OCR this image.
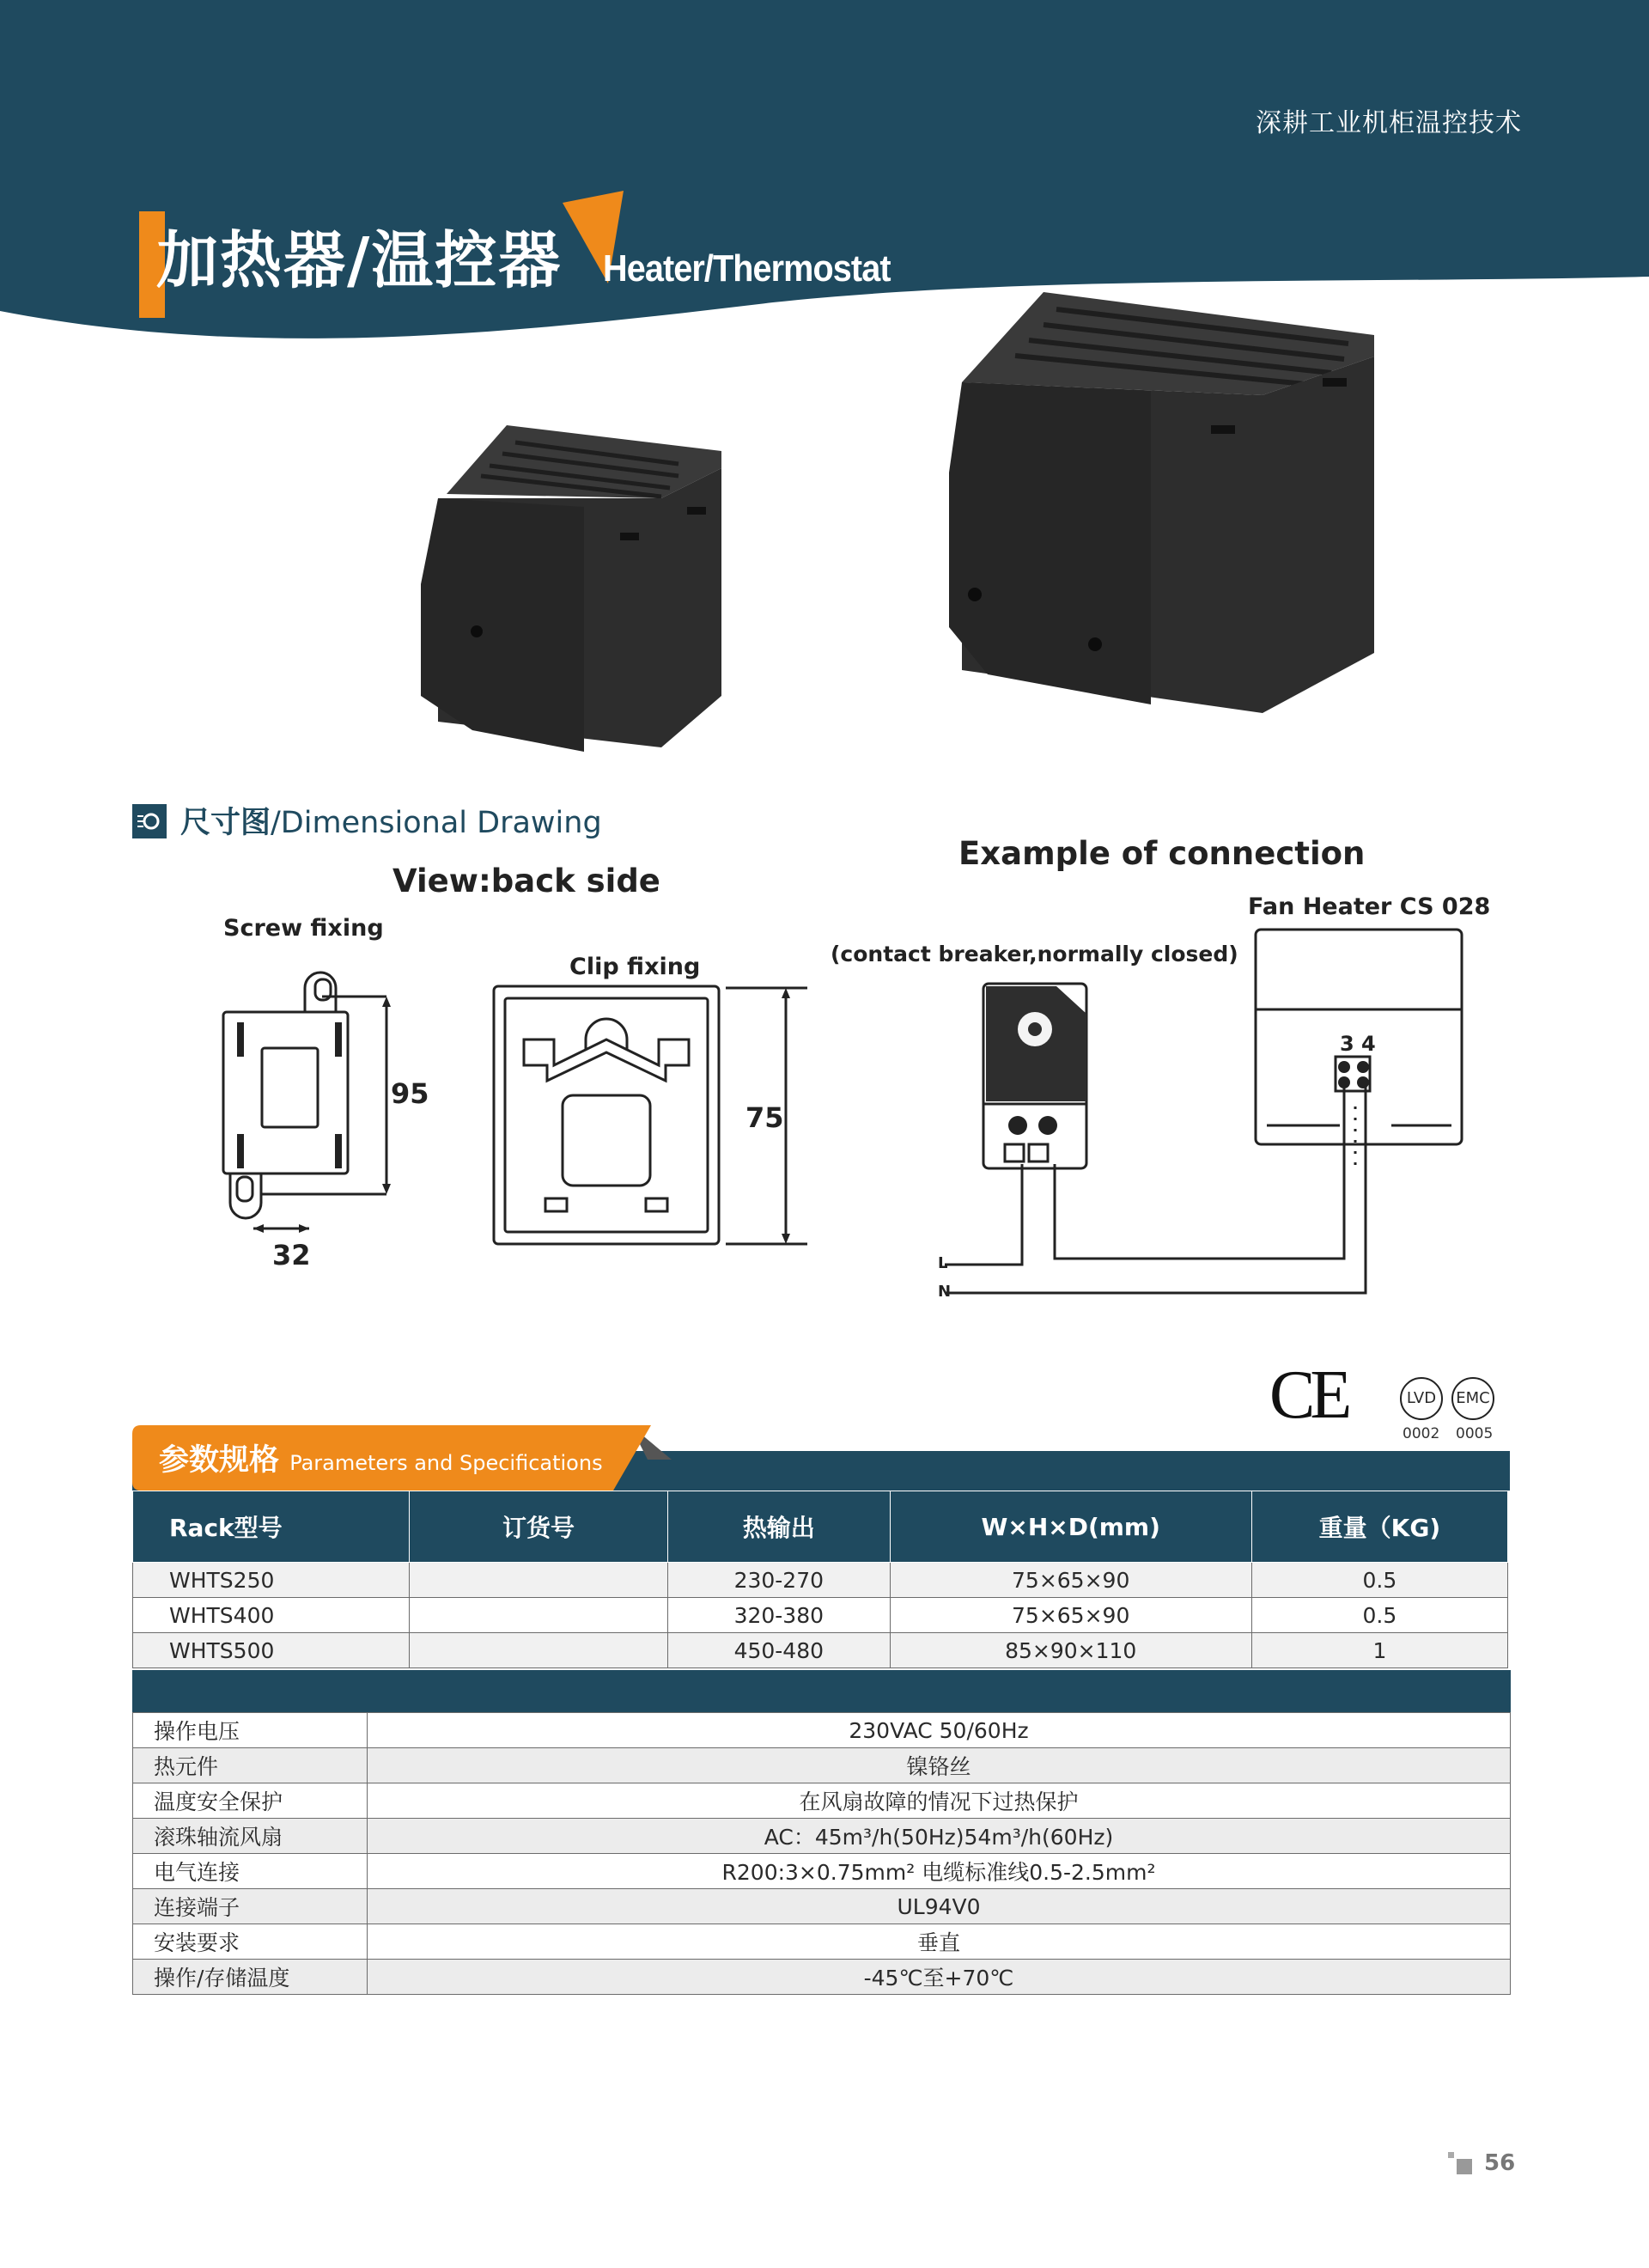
深耕工业机柜温控技术
加热器/温控器 Heater/Thermostat
尺寸图/Dimensional Drawing
View:back side
Screw fixing
Clip fixing
95
32
75
Example of connection
Fan Heater CS 028
(contact breaker,normally closed)
3 4
L
N
CE	LVD	EMC
0002 0005
参数规格 Parameters and Specifications
Rack型号	订货号	热输出	W×H×D(mm)	重量（KG)
WHTS250		230-270	75×65×90	0.5
WHTS400		320-380	75×65×90	0.5
WHTS500		450-480	85×90×110	1
操作电压	230VAC 50/60Hz
热元件	镍铬丝
温度安全保护	在风扇故障的情况下过热保护
滚珠轴流风扇	AC：45m³/h(50Hz)54m³/h(60Hz)
电气连接	R200:3×0.75mm² 电缆标准线0.5-2.5mm²
连接端子	UL94V0
安装要求	垂直
操作/存储温度	-45℃至+70℃
56
